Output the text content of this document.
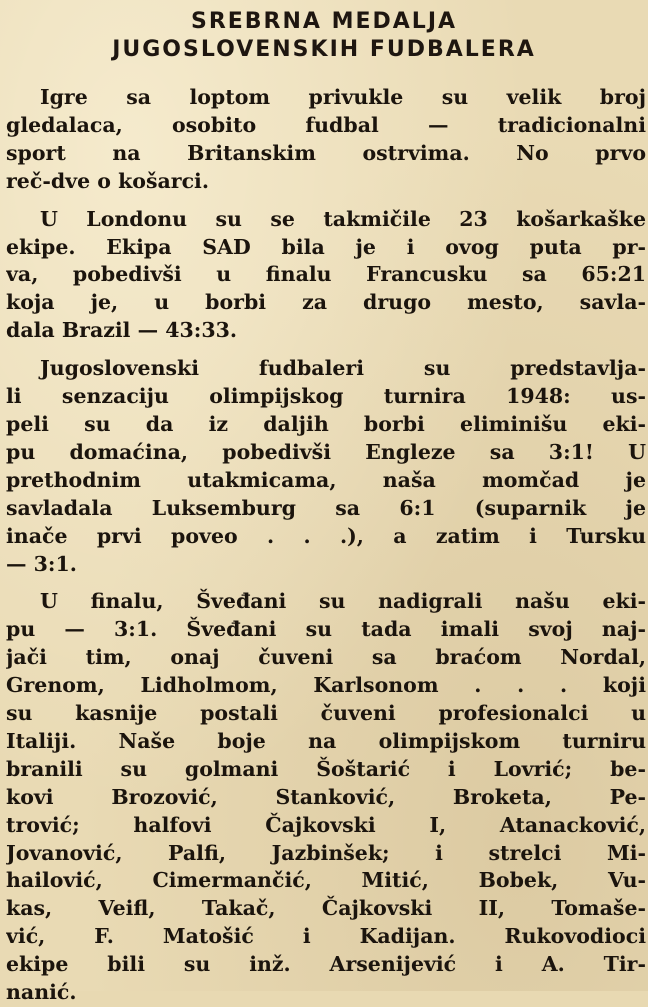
SREBRNA MEDALJA
JUGOSLOVENSKIH FUDBALERA

Igre sa loptom privukle su velik broj
gledalaca, osobito fudbal — tradicionalni
sport na Britanskim ostrvima. No prvo
reč-dve o košarci.

U Londonu su se takmičile 23 košarkaške
ekipe. Ekipa SAD bila je i ovog puta pr-
va, pobedivši u finalu Francusku sa 65:21
koja je, u borbi za drugo mesto, savla-
dala Brazil — 43:33.

Jugoslovenski fudbaleri su predstavlja-
li senzaciju olimpijskog turnira 1948: us-
peli su da iz daljih borbi eliminišu eki-
pu domaćina, pobedivši Engleze sa 3:1! U
prethodnim utakmicama, naša momčad je
savladala Luksemburg sa 6:1 (suparnik je
inače prvi poveo . . .), a zatim i Tursku
— 3:1.

U finalu, Švеđani su nadigrali našu eki-
pu — 3:1. Švеđani su tada imali svoj naj-
jači tim, onaj čuveni sa braćom Nordal,
Grenom, Lidholmom, Karlsonom . . . koji
su kasnije postali čuveni profesionalci u
Italiji. Naše boje na olimpijskom turniru
branili su golmani Šoštarić i Lovrić; be-
kovi Brozović, Stanković, Broketa, Pe-
trović; halfovi Čajkovski I, Atanacković,
Jovanović, Palfi, Jazbinšek; i strelci Mi-
hailović, Cimermančić, Mitić, Bobek, Vu-
kas, Veifl, Takač, Čajkovski II, Tomaše-
vić, F. Matošić i Kadijan. Rukovodioci
ekipe bili su inž. Arsenijević i A. Tir-
nanić.
